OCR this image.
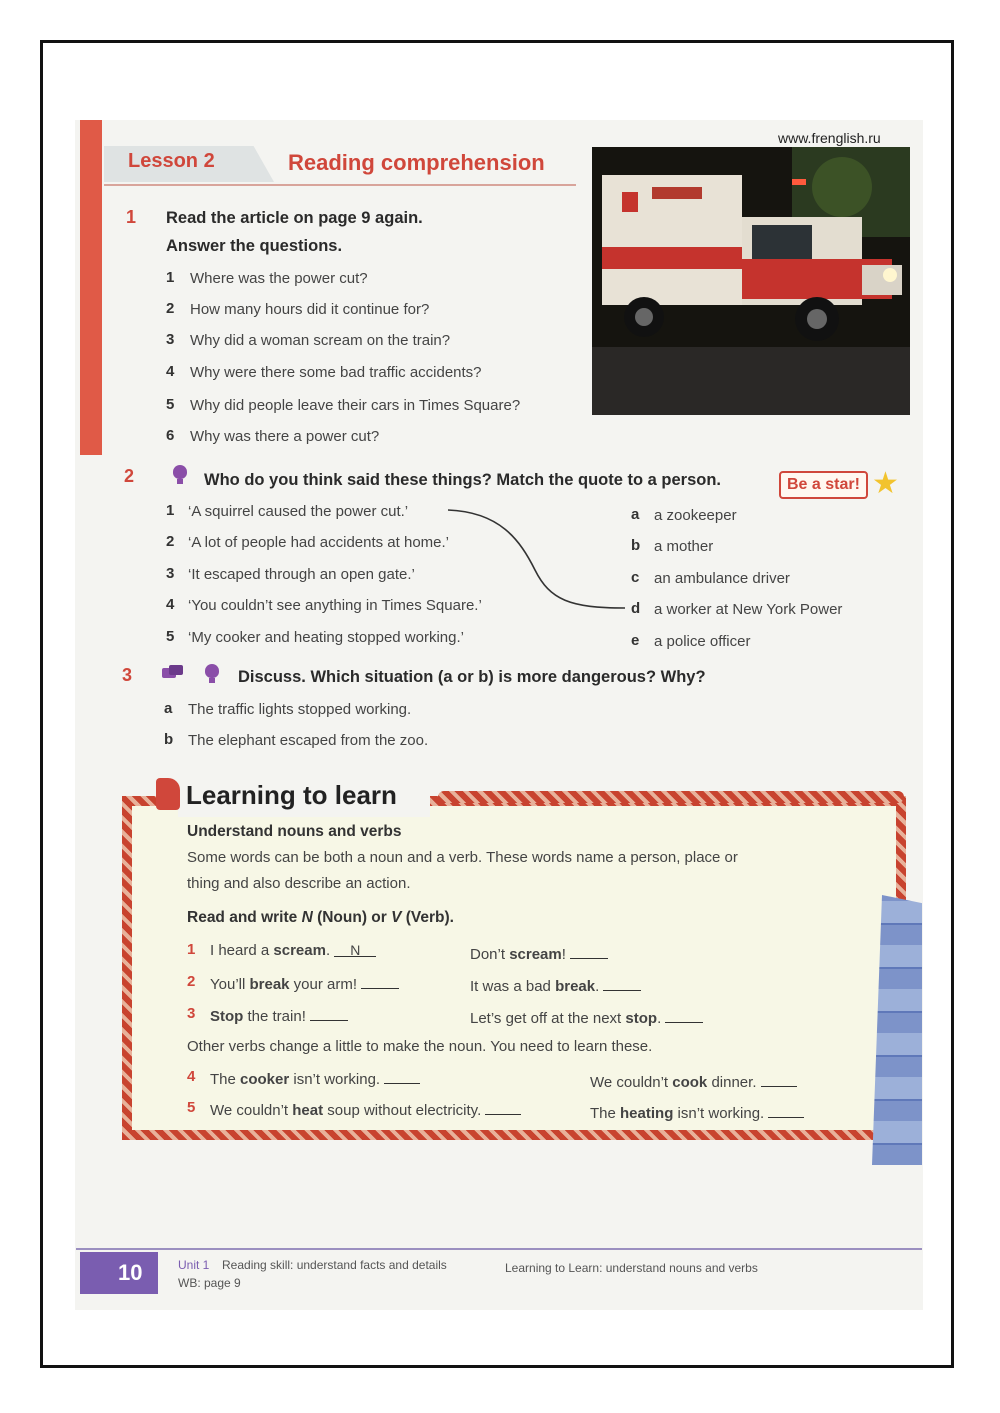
Lesson 2	Reading comprehension
www.frenglish.ru
1 Read the article on page 9 again.
Answer the questions.
1 Where was the power cut?
2 How many hours did it continue for?
3 Why did a woman scream on the train?
4 Why were there some bad traffic accidents?
5 Why did people leave their cars in Times Square?
6 Why was there a power cut?
2	Who do you think said these things? Match the quote to a person.	Be a star! ★
1 ‘A squirrel caused the power cut.’
2 ‘A lot of people had accidents at home.’
3 ‘It escaped through an open gate.’
4 ‘You couldn’t see anything in Times Square.’
5 ‘My cooker and heating stopped working.’
a a zookeeper
b a mother
c an ambulance driver
d a worker at New York Power
e a police officer
3	Discuss. Which situation (a or b) is more dangerous? Why?
a The traffic lights stopped working.
b The elephant escaped from the zoo.
Learning to learn
Understand nouns and verbs
Some words can be both a noun and a verb. These words name a person, place or
thing and also describe an action.
Read and write N (Noun) or V (Verb).
1 I heard a scream. N	Don’t scream!
2 You’ll break your arm!	It was a bad break.
3 Stop the train!	Let’s get off at the next stop.
Other verbs change a little to make the noun. You need to learn these.
4 The cooker isn’t working.	We couldn’t cook dinner.
5 We couldn’t heat soup without electricity.	The heating isn’t working.
10	Unit 1 Reading skill: understand facts and details	Learning to Learn: understand nouns and verbs
WB: page 9
